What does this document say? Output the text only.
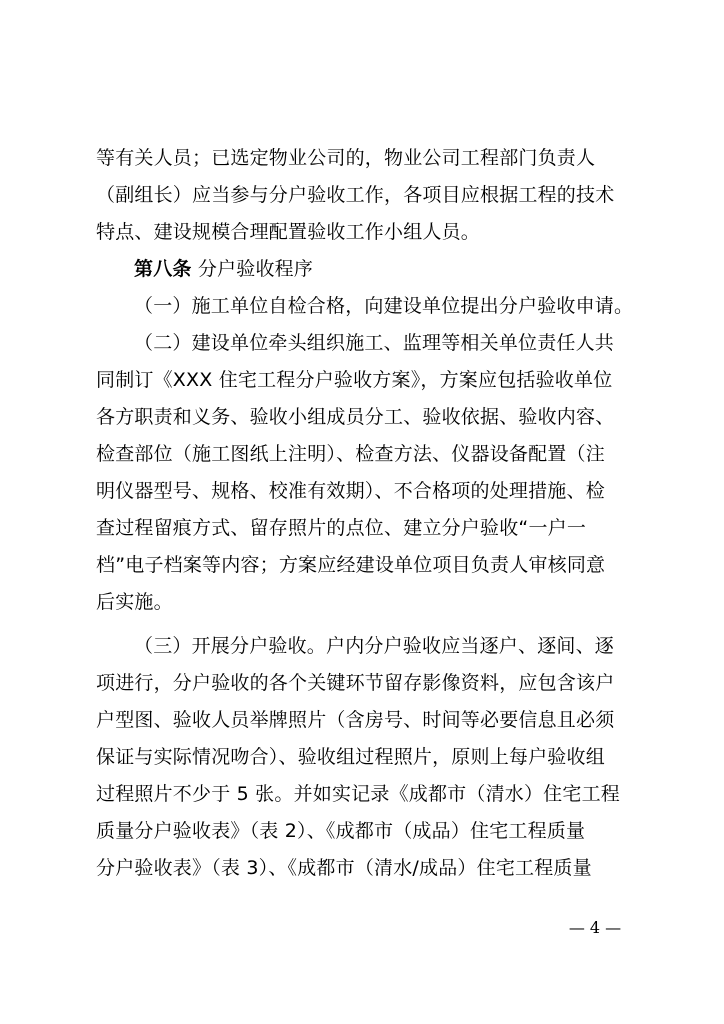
等有关人员；已选定物业公司的，物业公司工程部门负责人
（副组长）应当参与分户验收工作，各项目应根据工程的技术
特点、建设规模合理配置验收工作小组人员。
第八条 分户验收程序
（一）施工单位自检合格，向建设单位提出分户验收申请。
（二）建设单位牵头组织施工、监理等相关单位责任人共
同制订《XXX 住宅工程分户验收方案》，方案应包括验收单位
各方职责和义务、验收小组成员分工、验收依据、验收内容、
检查部位（施工图纸上注明）、检查方法、仪器设备配置（注
明仪器型号、规格、校准有效期）、不合格项的处理措施、检
查过程留痕方式、留存照片的点位、建立分户验收“一户一
档”电子档案等内容；方案应经建设单位项目负责人审核同意
后实施。
（三）开展分户验收。户内分户验收应当逐户、逐间、逐
项进行，分户验收的各个关键环节留存影像资料，应包含该户
户型图、验收人员举牌照片（含房号、时间等必要信息且必须
保证与实际情况吻合）、验收组过程照片，原则上每户验收组
过程照片不少于 5 张。并如实记录《成都市（清水）住宅工程
质量分户验收表》（表 2）、《成都市（成品）住宅工程质量
分户验收表》（表 3）、《成都市（清水/成品）住宅工程质量
— 4 —
